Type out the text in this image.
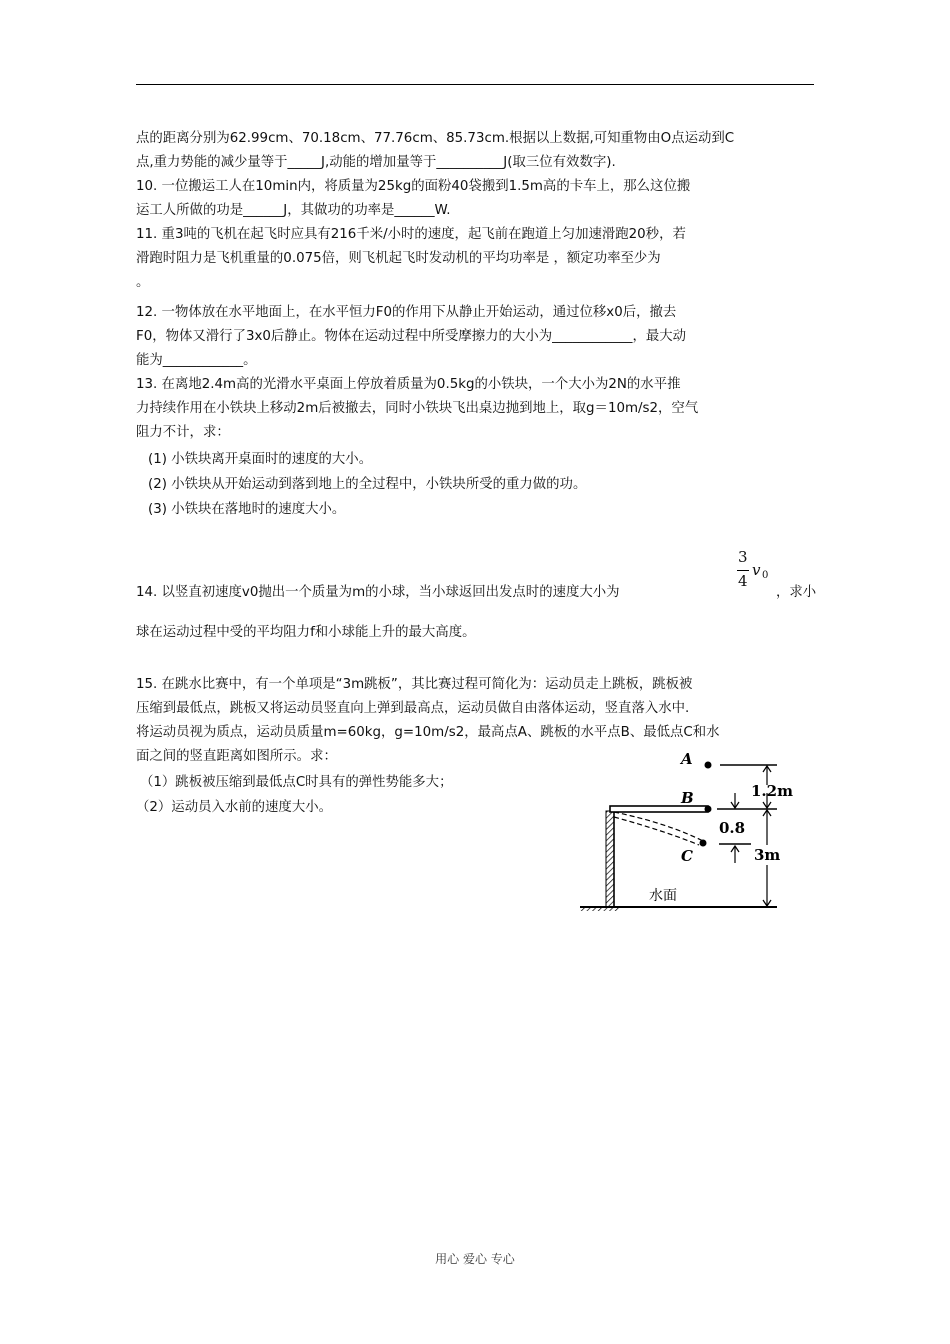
点的距离分别为62.99cm、70.18cm、77.76cm、85.73cm.根据以上数据,可知重物由O点运动到C
点,重力势能的减少量等于_____J,动能的增加量等于__________J(取三位有效数字).
10. 一位搬运工人在10min内，将质量为25kg的面粉40袋搬到1.5m高的卡车上，那么这位搬
运工人所做的功是______J，其做功的功率是______W.
11. 重3吨的飞机在起飞时应具有216千米/小时的速度，起飞前在跑道上匀加速滑跑20秒，若
滑跑时阻力是飞机重量的0.075倍，则飞机起飞时发动机的平均功率是 ，额定功率至少为
。
12. 一物体放在水平地面上，在水平恒力F0的作用下从静止开始运动，通过位移x0后，撤去
F0，物体又滑行了3x0后静止。物体在运动过程中所受摩擦力的大小为____________，最大动
能为____________。
13. 在离地2.4m高的光滑水平桌面上停放着质量为0.5kg的小铁块，一个大小为2N的水平推
力持续作用在小铁块上移动2m后被撤去，同时小铁块飞出桌边抛到地上，取g＝10m/s2，空气
阻力不计，求：
(1) 小铁块离开桌面时的速度的大小。
(2) 小铁块从开始运动到落到地上的全过程中，小铁块所受的重力做的功。
(3) 小铁块在落地时的速度大小。
14. 以竖直初速度v0抛出一个质量为m的小球，当小球返回出发点时的速度大小为
3
4
v 0
，求小
球在运动过程中受的平均阻力f和小球能上升的最大高度。
15. 在跳水比赛中，有一个单项是“3m跳板”，其比赛过程可简化为：运动员走上跳板，跳板被
压缩到最低点，跳板又将运动员竖直向上弹到最高点，运动员做自由落体运动，竖直落入水中.
将运动员视为质点，运动员质量m=60kg，g=10m/s2，最高点A、跳板的水平点B、最低点C和水
面之间的竖直距离如图所示。求：
（1）跳板被压缩到最低点C时具有的弹性势能多大；
（2）运动员入水前的速度大小。
A
B
C
1.2m
0.8
3m
水面
用心 爱心 专心
